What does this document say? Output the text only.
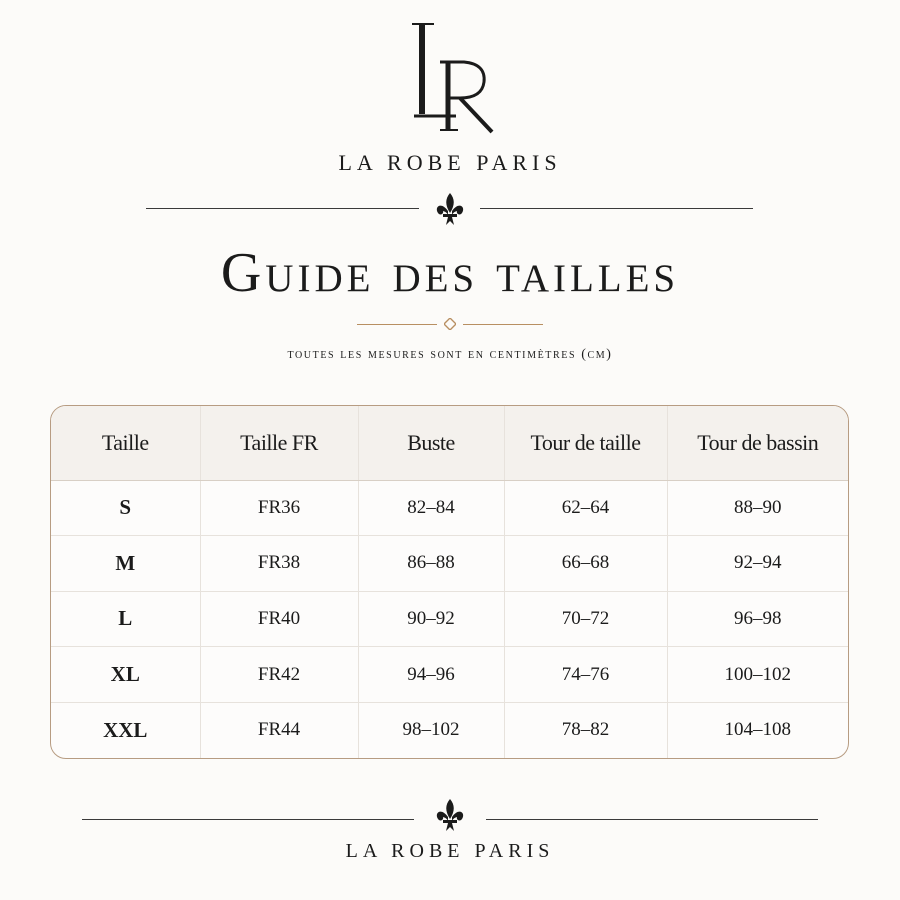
LA ROBE PARIS
Guide des tailles
toutes les mesures sont en centimètres (cm)
Taille	Taille FR	Buste	Tour de taille	Tour de bassin
S	FR36	82–84	62–64	88–90
M	FR38	86–88	66–68	92–94
L	FR40	90–92	70–72	96–98
XL	FR42	94–96	74–76	100–102
XXL	FR44	98–102	78–82	104–108
LA ROBE PARIS
